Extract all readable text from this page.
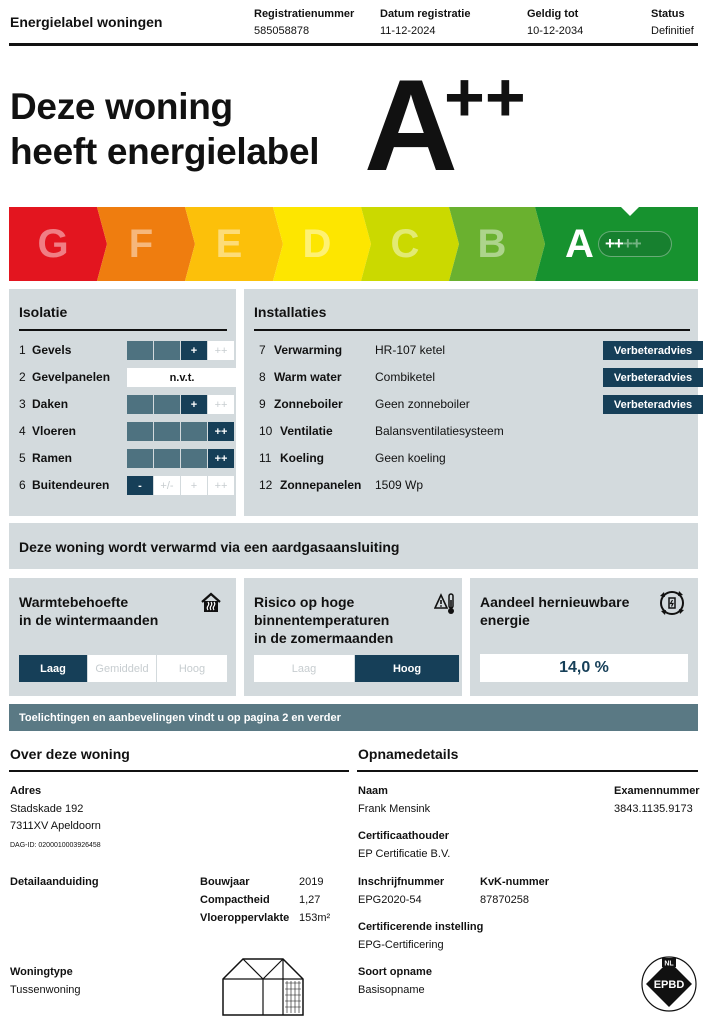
Energielabel woningen	Registratienummer
585058878
Datum registratie
11-12-2024
Geldig tot
10-12-2034
Status
Definitief
Deze woning
heeft energielabel A
++
G	F	E	D	C	B	A ++ ++
Isolatie
1 Gevels	+	++
2 Gevelpanelen	n.v.t.
3 Daken	+	++
4 Vloeren	++
5 Ramen	++
6 Buitendeuren	-	+/-	+	++
Installaties
7 Verwarming	HR-107 ketel	Verbeteradvies
8 Warm water	Combiketel	Verbeteradvies
9 Zonneboiler	Geen zonneboiler	Verbeteradvies
10 Ventilatie	Balansventilatiesysteem
11 Koeling	Geen koeling
12 Zonnepanelen 1509 Wp
Deze woning wordt verwarmd via een aardgasaansluiting
Warmtebehoefte
in de wintermaanden
Laag	Gemiddeld	Hoog
Risico op hoge
binnentemperaturen
in de zomermaanden
Laag	Hoog
Aandeel hernieuwbare
energie
14,0 %
Toelichtingen en aanbevelingen vindt u op pagina 2 en verder
Over deze woning
Adres
Stadskade 192
7311XV Apeldoorn
DAG-ID: 0200010003926458
Detailaanduiding	Bouwjaar	2019
Compactheid	1,27
Vloeroppervlakte 153m²
Woningtype
Tussenwoning
Opnamedetails
Naam
Frank Mensink
Examennummer
3843.1135.9173
Certificaathouder
EP Certificatie B.V.
Inschrijfnummer
EPG2020-54
KvK-nummer
87870258
Certificerende instelling
EPG-Certificering
Soort opname
Basisopname
NL
EPBD
